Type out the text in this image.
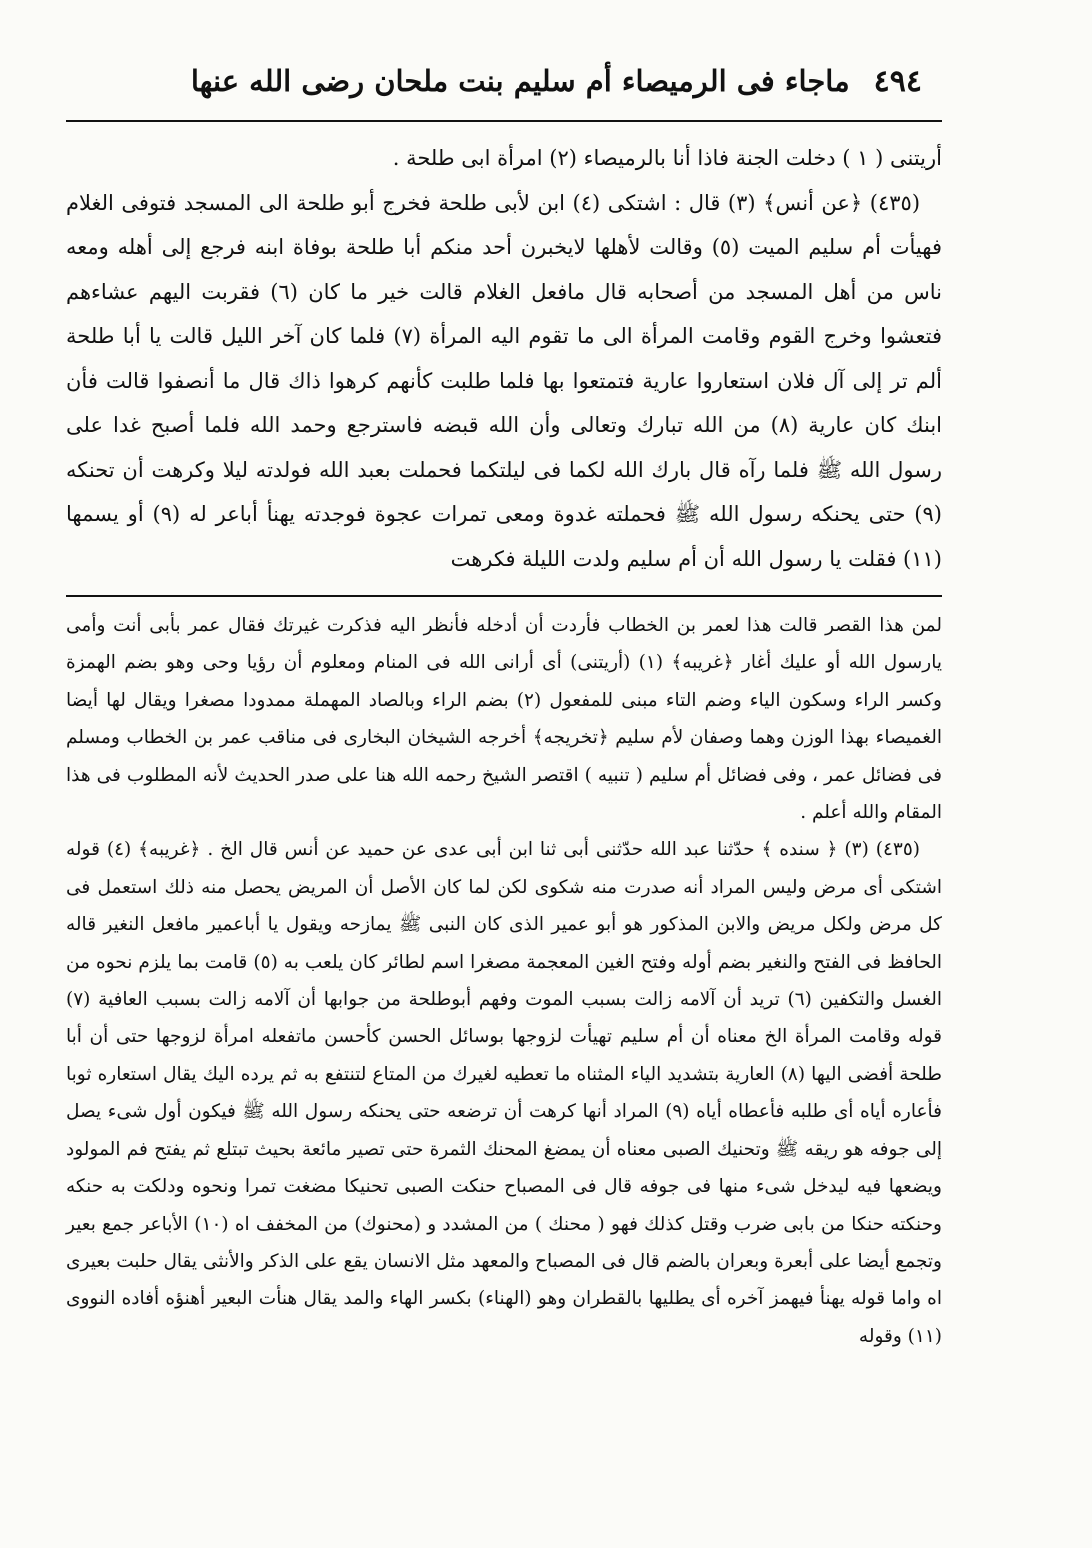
٤٩٤
ماجاء فى الرميصاء أم سليم بنت ملحان رضى الله عنها

أريتنى ( ١ ) دخلت الجنة فاذا أنا بالرميصاء (٢) امرأة ابى طلحة .

(٤٣٥) ﴿عن أنس﴾ (٣) قال : اشتكى (٤) ابن لأبى طلحة فخرج أبو طلحة الى المسجد فتوفى الغلام فهيأت أم سليم الميت (٥) وقالت لأهلها لايخبرن أحد منكم أبا طلحة بوفاة ابنه فرجع إلى أهله ومعه ناس من أهل المسجد من أصحابه قال مافعل الغلام قالت خير ما كان (٦) فقربت اليهم عشاءهم فتعشوا وخرج القوم وقامت المرأة الى ما تقوم اليه المرأة (٧) فلما كان آخر الليل قالت يا أبا طلحة ألم تر إلى آل فلان استعاروا عارية فتمتعوا بها فلما طلبت كأنهم كرهوا ذاك قال ما أنصفوا قالت فأن ابنك كان عارية (٨) من الله تبارك وتعالى وأن الله قبضه فاسترجع وحمد الله فلما أصبح غدا على رسول الله ﷺ فلما رآه قال بارك الله لكما فى ليلتكما فحملت بعبد الله فولدته ليلا وكرهت أن تحنكه (٩) حتى يحنكه رسول الله ﷺ فحملته غدوة ومعى تمرات عجوة فوجدته يهنأ أباعر له (٩) أو يسمها (١١) فقلت يا رسول الله أن أم سليم ولدت الليلة فكرهت

لمن هذا القصر قالت هذا لعمر بن الخطاب فأردت أن أدخله فأنظر اليه فذكرت غيرتك فقال عمر بأبى أنت وأمى يارسول الله أو عليك أغار ﴿غريبه﴾ (١) (أريتنى) أى أرانى الله فى المنام ومعلوم أن رؤيا وحى وهو بضم الهمزة وكسر الراء وسكون الياء وضم التاء مبنى للمفعول (٢) بضم الراء وبالصاد المهملة ممدودا مصغرا ويقال لها أيضا الغميصاء بهذا الوزن وهما وصفان لأم سليم ﴿تخريجه﴾ أخرجه الشيخان البخارى فى مناقب عمر بن الخطاب ومسلم فى فضائل عمر ، وفى فضائل أم سليم ( تنبيه ) اقتصر الشيخ رحمه الله هنا على صدر الحديث لأنه المطلوب فى هذا المقام والله أعلم .

(٤٣٥) (٣) ﴿ سنده ﴾ حدّثنا عبد الله حدّثنى أبى ثنا ابن أبى عدى عن حميد عن أنس قال الخ . ﴿غريبه﴾ (٤) قوله اشتكى أى مرض وليس المراد أنه صدرت منه شكوى لكن لما كان الأصل أن المريض يحصل منه ذلك استعمل فى كل مرض ولكل مريض والابن المذكور هو أبو عمير الذى كان النبى ﷺ يمازحه ويقول يا أباعمير مافعل النغير قاله الحافظ فى الفتح والنغير بضم أوله وفتح الغين المعجمة مصغرا اسم لطائر كان يلعب به (٥) قامت بما يلزم نحوه من الغسل والتكفين (٦) تريد أن آلامه زالت بسبب الموت وفهم أبوطلحة من جوابها أن آلامه زالت بسبب العافية (٧) قوله وقامت المرأة الخ معناه أن أم سليم تهيأت لزوجها بوسائل الحسن كأحسن ماتفعله امرأة لزوجها حتى أن أبا طلحة أفضى اليها (٨) العارية بتشديد الياء المثناه ما تعطيه لغيرك من المتاع لتنتفع به ثم يرده اليك يقال استعاره ثوبا فأعاره أياه أى طلبه فأعطاه أياه (٩) المراد أنها كرهت أن ترضعه حتى يحنكه رسول الله ﷺ فيكون أول شىء يصل إلى جوفه هو ريقه ﷺ وتحنيك الصبى معناه أن يمضغ المحنك الثمرة حتى تصير مائعة بحيث تبتلع ثم يفتح فم المولود ويضعها فيه ليدخل شىء منها فى جوفه قال فى المصباح حنكت الصبى تحنيكا مضغت تمرا ونحوه ودلكت به حنكه وحنكته حنكا من بابى ضرب وقتل كذلك فهو ( محنك ) من المشدد و (محنوك) من المخفف اه (١٠) الأباعر جمع بعير وتجمع أيضا على أبعرة وبعران بالضم قال فى المصباح والمعهد مثل الانسان يقع على الذكر والأنثى يقال حلبت بعيرى اه واما قوله يهنأ فيهمز آخره أى يطليها بالقطران وهو (الهناء) بكسر الهاء والمد يقال هنأت البعير أهنؤه أفاده النووى (١١) وقوله
